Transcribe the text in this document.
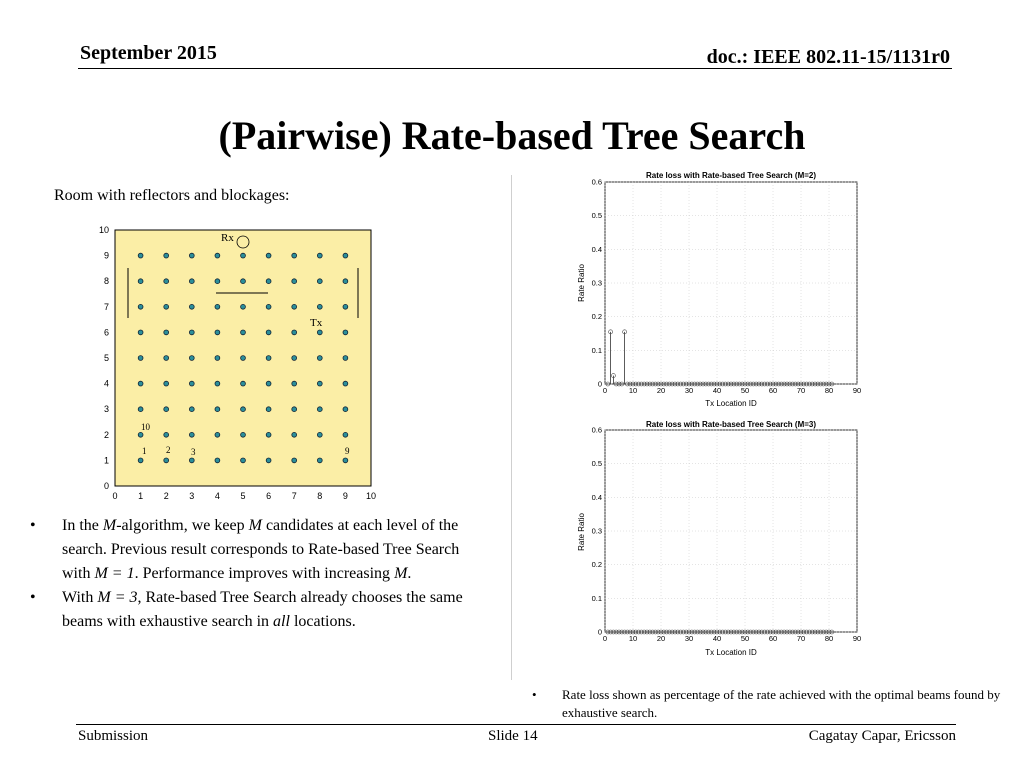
September 2015	doc.: IEEE 802.11-15/1131r0
(Pairwise) Rate-based Tree Search
Room with reflectors and blockages:
0 1 2 3 4 5 6 7 8 9 10
0
1
2
3
4
5
6
7
8
9
10
Rx
Tx
10
1 2 3	9
Rate loss with Rate-based Tree Search (M=2)
Tx Location ID
Rate Ratio
0	10	20	30	40	50	60	70	80	90
0
0.1
0.2
0.3
0.4
0.5
0.6
Rate loss with Rate-based Tree Search (M=3)
Tx Location ID
Rate Ratio
0	10	20	30	40	50	60	70	80	90
0
0.1
0.2
0.3
0.4
0.5
0.6
• In the M-algorithm, we keep M candidates at each level of the search. Previous result corresponds to Rate-based Tree Search with M = 1. Performance improves with increasing M.
• With M = 3, Rate-based Tree Search already chooses the same beams with exhaustive search in all locations.
• Rate loss shown as percentage of the rate achieved with the optimal beams found by exhaustive search.
Submission	Slide 14	Cagatay Capar, Ericsson
